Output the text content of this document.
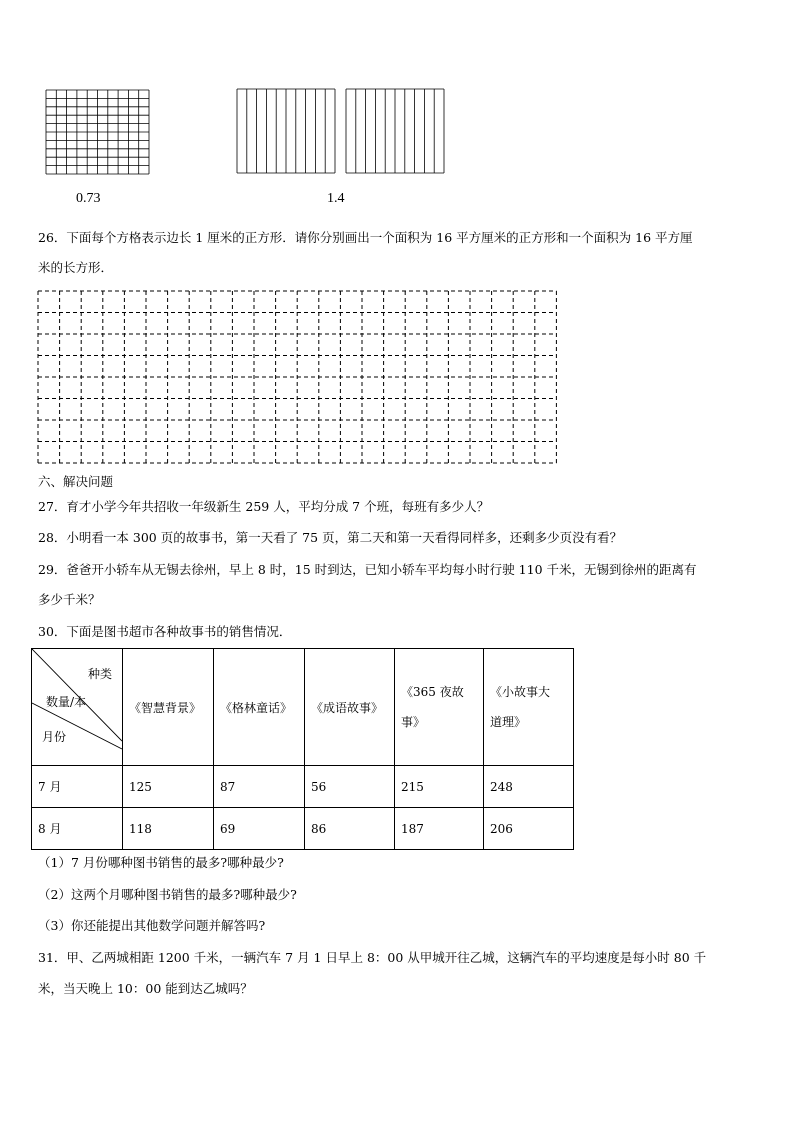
0.73	1.4
26．下面每个方格表示边长 1 厘米的正方形．请你分别画出一个面积为 16 平方厘米的正方形和一个面积为 16 平方厘
米的长方形．
六、解决问题
27．育才小学今年共招收一年级新生 259 人，平均分成 7 个班，每班有多少人？
28．小明看一本 300 页的故事书，第一天看了 75 页，第二天和第一天看得同样多，还剩多少页没有看？
29．爸爸开小轿车从无锡去徐州，早上 8 时，15 时到达，已知小轿车平均每小时行驶 110 千米，无锡到徐州的距离有
多少千米？
30．下面是图书超市各种故事书的销售情况．
种类
数量/本
月份	《智慧背景》	《格林童话》	《成语故事》	《365 夜故
事》	《小故事大
道理》
7 月	125	87	56	215	248
8 月	118	69	86	187	206
（1）7 月份哪种图书销售的最多?哪种最少?
（2）这两个月哪种图书销售的最多?哪种最少?
（3）你还能提出其他数学问题并解答吗?
31．甲、乙两城相距 1200 千米，一辆汽车 7 月 1 日早上 8：00 从甲城开往乙城，这辆汽车的平均速度是每小时 80 千
米，当天晚上 10：00 能到达乙城吗？
